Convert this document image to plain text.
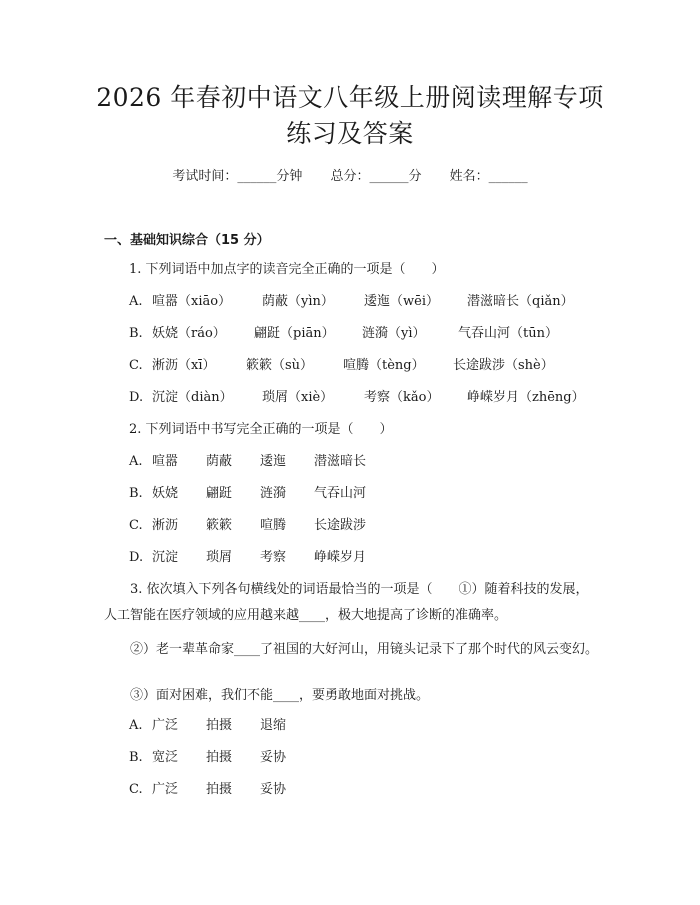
2026 年春初中语文八年级上册阅读理解专项
练习及答案
考试时间：______分钟 总分：______分 姓名：______
一、基础知识综合（15 分）
1. 下列词语中加点字的读音完全正确的一项是（　　）
A. 喧嚣（xiāo） 荫蔽（yìn） 逶迤（wēi） 潜滋暗长（qiǎn）
B. 妖娆（ráo） 翩跹（piān） 涟漪（yì） 气吞山河（tūn）
C. 淅沥（xī） 簌簌（sù） 喧腾（tèng） 长途跋涉（shè）
D. 沉淀（diàn） 琐屑（xiè） 考察（kǎo） 峥嵘岁月（zhēng）
2. 下列词语中书写完全正确的一项是（　　）
A. 喧嚣 荫蔽 逶迤 潜滋暗长
B. 妖娆 翩跹 涟漪 气吞山河
C. 淅沥 簌簌 喧腾 长途跋涉
D. 沉淀 琐屑 考察 峥嵘岁月
3. 依次填入下列各句横线处的词语最恰当的一项是（　　①）随着科技的发展，人工智能在医疗领域的应用越来越____，极大地提高了诊断的准确率。
②）老一辈革命家____了祖国的大好河山，用镜头记录下了那个时代的风云变幻。
③）面对困难，我们不能____，要勇敢地面对挑战。
A. 广泛 拍摄 退缩
B. 宽泛 拍摄 妥协
C. 广泛 拍摄 妥协
